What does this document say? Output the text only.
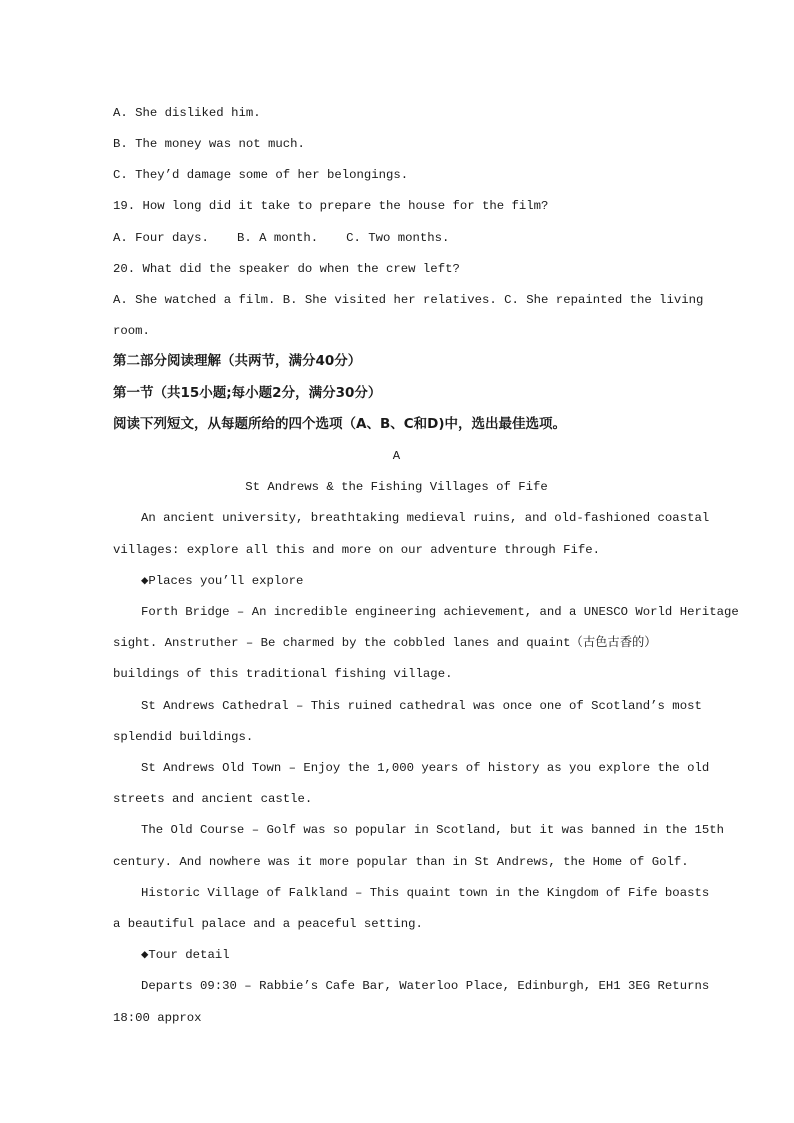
A. She disliked him.
B. The money was not much.
C. They’d damage some of her belongings.
19. How long did it take to prepare the house for the film?
A. Four days. B. A month. C. Two months.
20. What did the speaker do when the crew left?
A. She watched a film. B. She visited her relatives. C. She repainted the living
room.
第二部分阅读理解（共两节，满分40分）
第一节（共15小题;每小题2分，满分30分）
阅读下列短文，从每题所给的四个选项（A、B、C和D)中，选出最佳选项。
A
St Andrews & the Fishing Villages of Fife
An ancient university, breathtaking medieval ruins, and old-fashioned coastal
villages: explore all this and more on our adventure through Fife.
◆Places you’ll explore
Forth Bridge – An incredible engineering achievement, and a UNESCO World Heritage
sight. Anstruther – Be charmed by the cobbled lanes and quaint（古色古香的）
buildings of this traditional fishing village.
St Andrews Cathedral – This ruined cathedral was once one of Scotland’s most
splendid buildings.
St Andrews Old Town – Enjoy the 1,000 years of history as you explore the old
streets and ancient castle.
The Old Course – Golf was so popular in Scotland, but it was banned in the 15th
century. And nowhere was it more popular than in St Andrews, the Home of Golf.
Historic Village of Falkland – This quaint town in the Kingdom of Fife boasts
a beautiful palace and a peaceful setting.
◆Tour detail
Departs 09:30 – Rabbie’s Cafe Bar, Waterloo Place, Edinburgh, EH1 3EG Returns
18:00 approx
